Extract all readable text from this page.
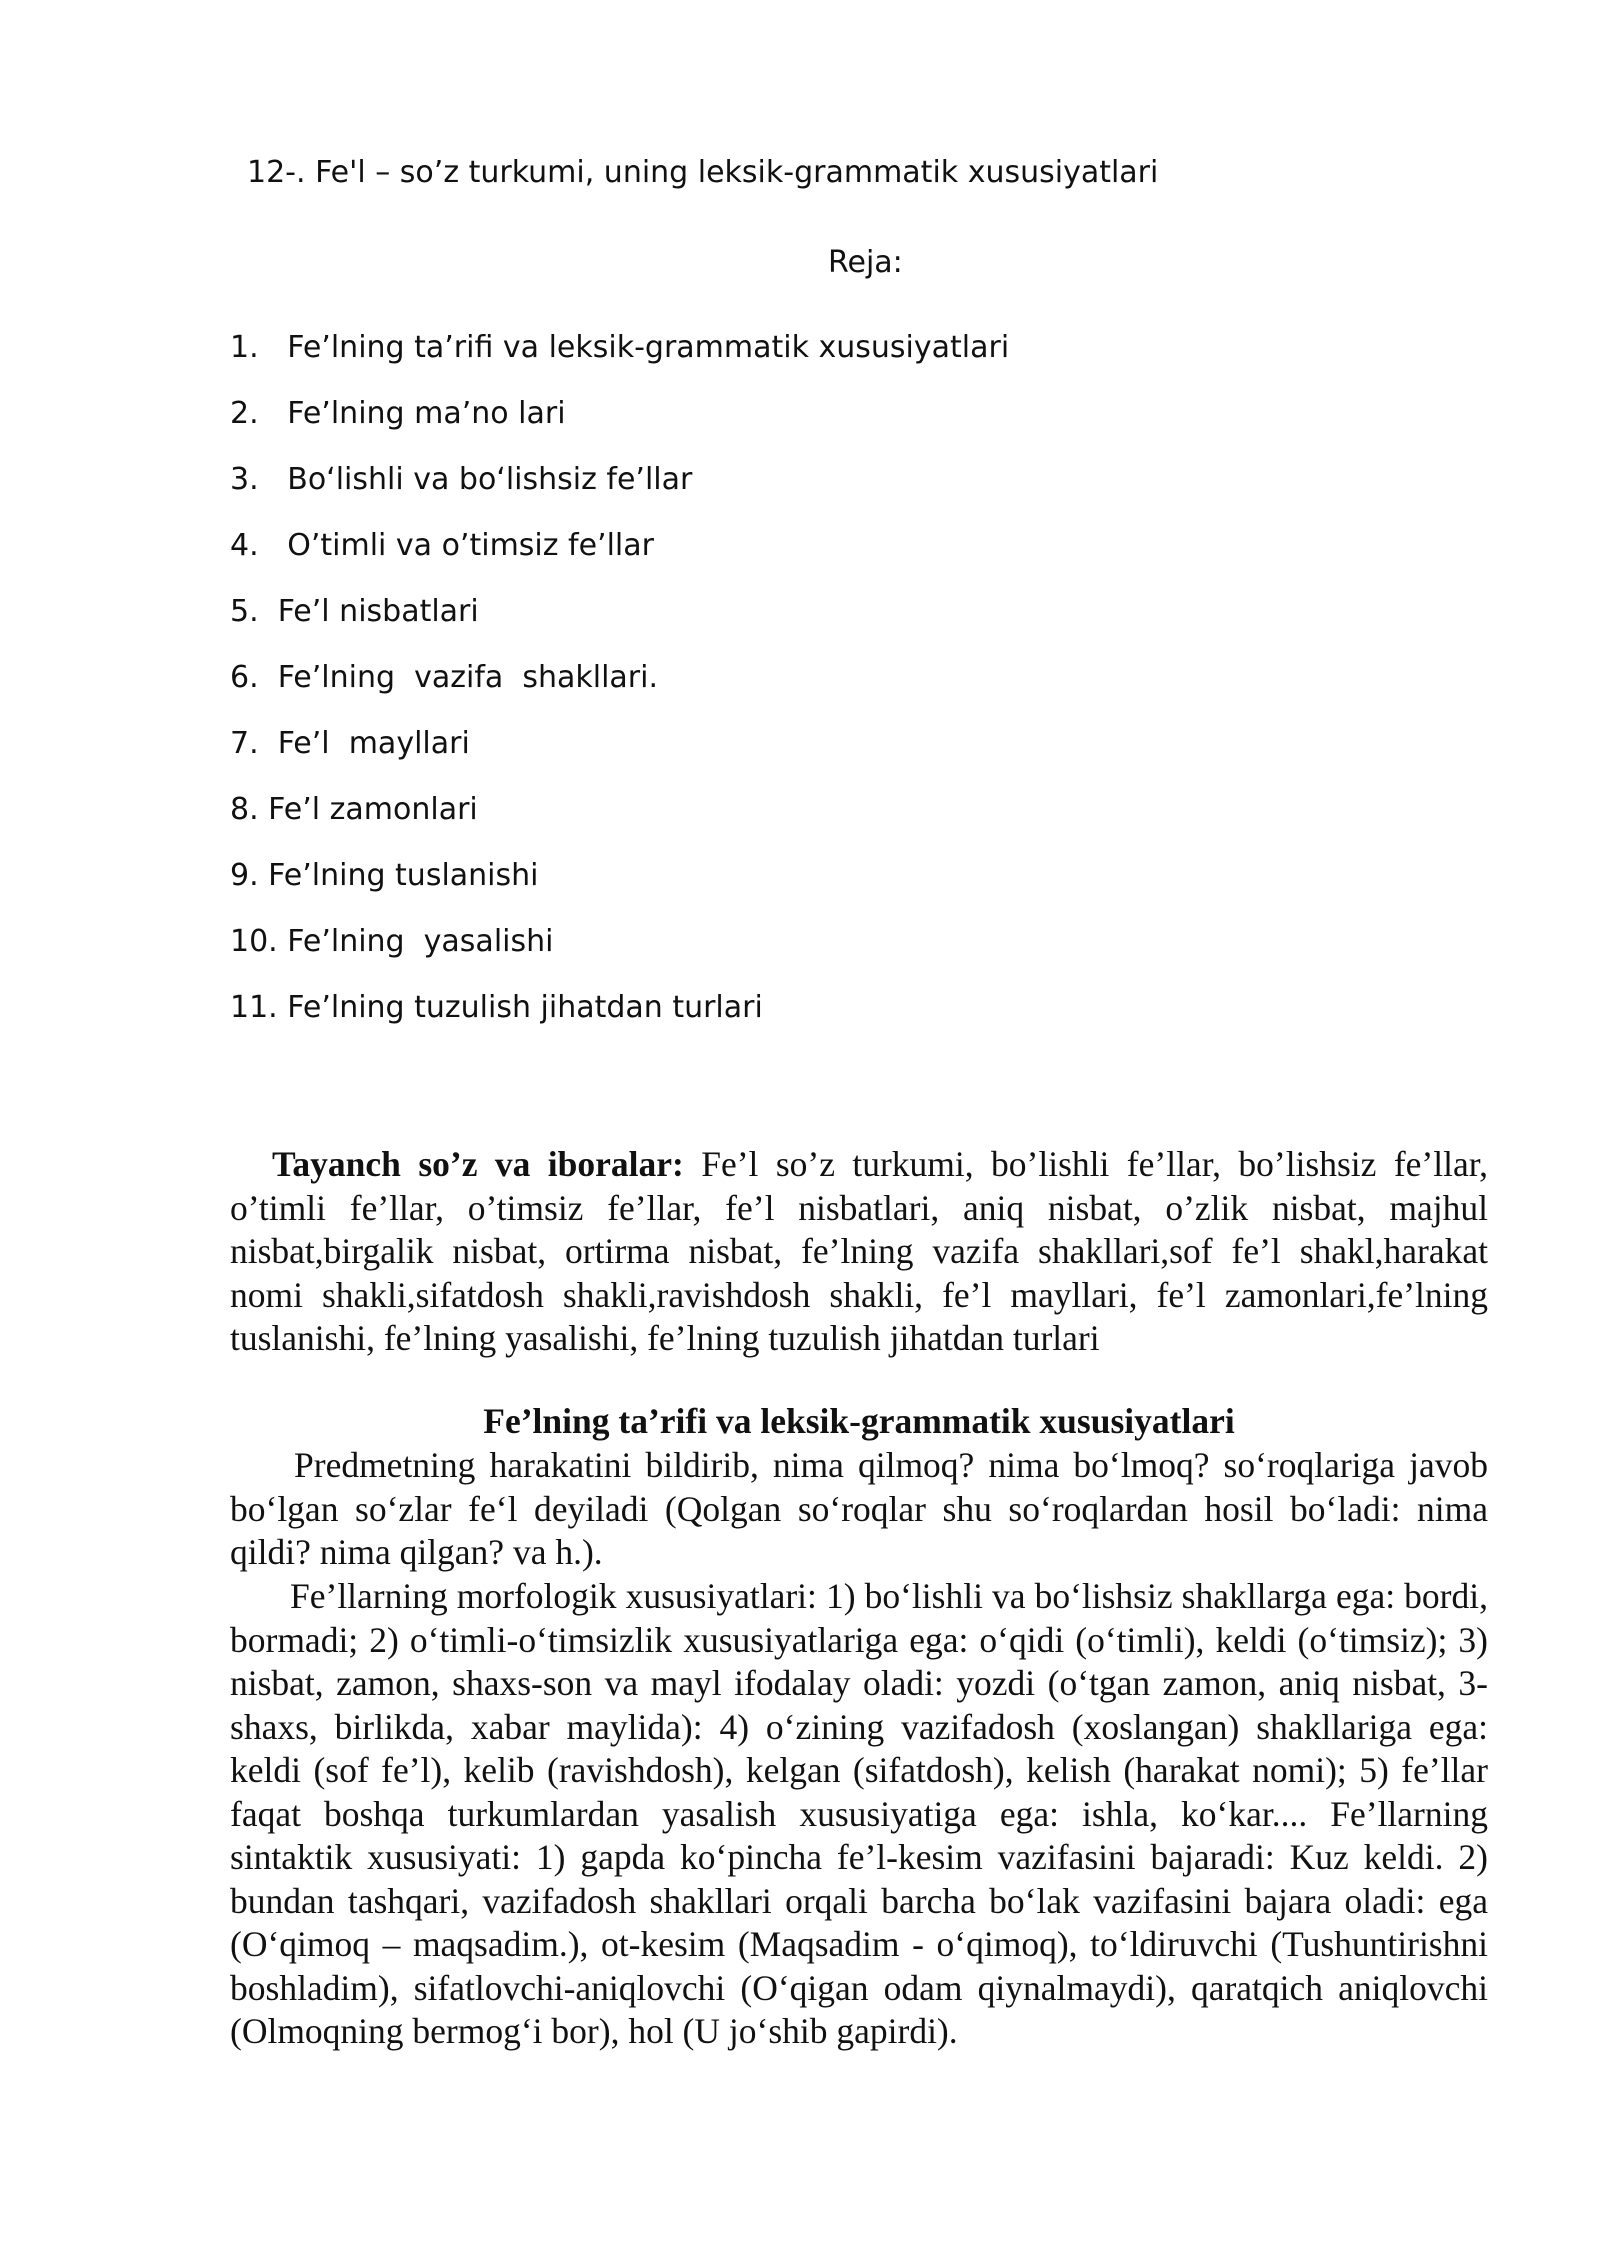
12-. Fe'l – so’z turkumi, uning leksik-grammatik xususiyatlari
Reja:
1.   Fe’lning ta’rifi va leksik-grammatik xususiyatlari
2.   Fe’lning ma’no lari
3.   Bo‘lishli va bo‘lishsiz fe’llar
4.   O’timli va o’timsiz fe’llar
5.  Fe’l nisbatlari
6.  Fe’lning  vazifa  shakllari.
7.  Fe’l  mayllari
8. Fe’l zamonlari
9. Fe’lning tuslanishi
10. Fe’lning  yasalishi
11. Fe’lning tuzulish jihatdan turlari

Tayanch so’z va iboralar: Fe’l so’z turkumi, bo’lishli fe’llar, bo’lishsiz fe’llar, o’timli fe’llar, o’timsiz fe’llar, fe’l nisbatlari, aniq nisbat, o’zlik nisbat, majhul nisbat,birgalik nisbat, ortirma nisbat, fe’lning vazifa shakllari,sof fe’l shakl,harakat nomi shakli,sifatdosh shakli,ravishdosh shakli, fe’l mayllari, fe’l zamonlari,fe’lning tuslanishi, fe’lning yasalishi, fe’lning tuzulish jihatdan turlari

Fe’lning ta’rifi va leksik-grammatik xususiyatlari

Predmetning harakatini bildirib, nima qilmoq? nima bo‘lmoq? so‘roqlariga javob bo‘lgan so‘zlar fe‘l deyiladi (Qolgan so‘roqlar shu so‘roqlardan hosil bo‘ladi: nima qildi? nima qilgan? va h.).

Fe’llarning morfologik xususiyatlari: 1) bo‘lishli va bo‘lishsiz shakllarga ega: bordi, bormadi; 2) o‘timli-o‘timsizlik xususiyatlariga ega: o‘qidi (o‘timli), keldi (o‘timsiz); 3) nisbat, zamon, shaxs-son va mayl ifodalay oladi: yozdi (o‘tgan zamon, aniq nisbat, 3-shaxs, birlikda, xabar maylida): 4) o‘zining vazifadosh (xoslangan) shakllariga ega: keldi (sof fe’l), kelib (ravishdosh), kelgan (sifatdosh), kelish (harakat nomi); 5) fe’llar faqat boshqa turkumlardan yasalish xususiyatiga ega: ishla, ko‘kar.... Fe’llarning sintaktik xususiyati: 1) gapda ko‘pincha fe’l-kesim vazifasini bajaradi: Kuz keldi. 2) bundan tashqari, vazifadosh shakllari orqali barcha bo‘lak vazifasini bajara oladi: ega (O‘qimoq – maqsadim.), ot-kesim (Maqsadim - o‘qimoq), to‘ldiruvchi (Tushuntirishni boshladim), sifatlovchi-aniqlovchi (O‘qigan odam qiynalmaydi), qaratqich aniqlovchi (Olmoqning bermog‘i bor), hol (U jo‘shib gapirdi).
